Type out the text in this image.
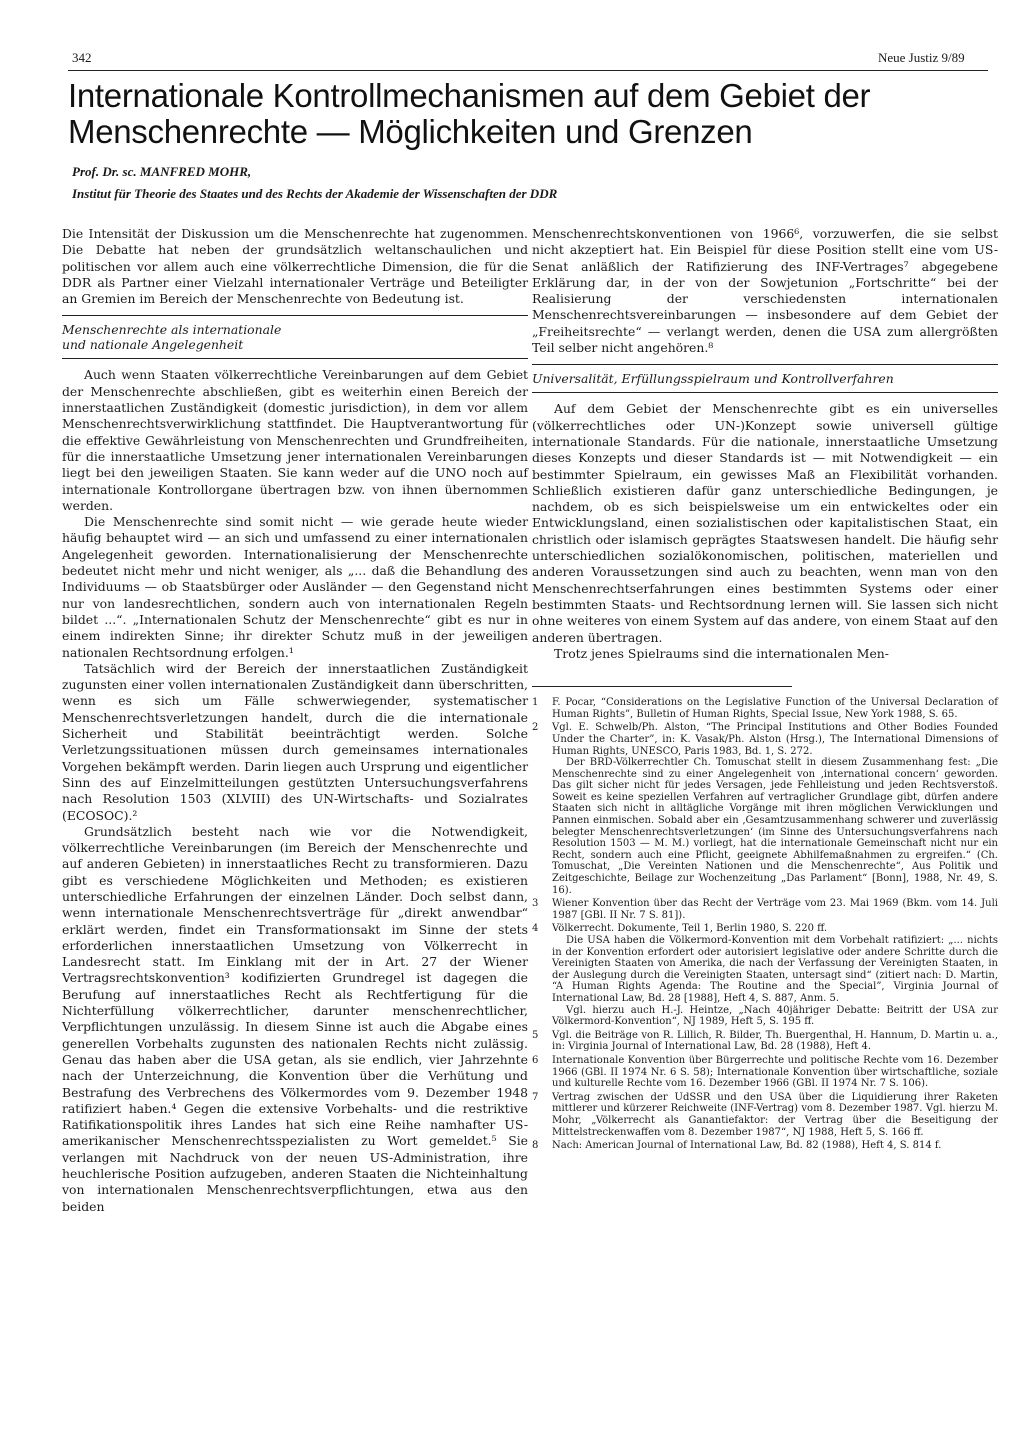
342	Neue Justiz 9/89
Internationale Kontrollmechanismen auf dem Gebiet der Menschenrechte — Möglichkeiten und Grenzen
Prof. Dr. sc. MANFRED MOHR,
Institut für Theorie des Staates und des Rechts der Akademie der Wissenschaften der DDR

Die Intensität der Diskussion um die Menschenrechte hat zugenommen. Die Debatte hat neben der grundsätzlich weltanschaulichen und politischen vor allem auch eine völkerrechtliche Dimension, die für die DDR als Partner einer Vielzahl internationaler Verträge und Beteiligter an Gremien im Bereich der Menschenrechte von Bedeutung ist.

Menschenrechte als internationale
und nationale Angelegenheit

Auch wenn Staaten völkerrechtliche Vereinbarungen auf dem Gebiet der Menschenrechte abschließen, gibt es weiterhin einen Bereich der innerstaatlichen Zuständigkeit (domestic jurisdiction), in dem vor allem Menschenrechtsverwirklichung stattfindet. Die Hauptverantwortung für die effektive Gewährleistung von Menschenrechten und Grundfreiheiten, für die innerstaatliche Umsetzung jener internationalen Vereinbarungen liegt bei den jeweiligen Staaten. Sie kann weder auf die UNO noch auf internationale Kontrollorgane übertragen bzw. von ihnen übernommen werden.

Die Menschenrechte sind somit nicht — wie gerade heute wieder häufig behauptet wird — an sich und umfassend zu einer internationalen Angelegenheit geworden. Internationalisierung der Menschenrechte bedeutet nicht mehr und nicht weniger, als „... daß die Behandlung des Individuums — ob Staatsbürger oder Ausländer — den Gegenstand nicht nur von landesrechtlichen, sondern auch von internationalen Regeln bildet ...“. „Internationalen Schutz der Menschenrechte“ gibt es nur in einem indirekten Sinne; ihr direkter Schutz muß in der jeweiligen nationalen Rechtsordnung erfolgen.¹

Tatsächlich wird der Bereich der innerstaatlichen Zuständigkeit zugunsten einer vollen internationalen Zuständigkeit dann überschritten, wenn es sich um Fälle schwerwiegender, systematischer Menschenrechtsverletzungen handelt, durch die die internationale Sicherheit und Stabilität beeinträchtigt werden. Solche Verletzungssituationen müssen durch gemeinsames internationales Vorgehen bekämpft werden. Darin liegen auch Ursprung und eigentlicher Sinn des auf Einzelmitteilungen gestützten Untersuchungsverfahrens nach Resolution 1503 (XLVIII) des UN-Wirtschafts- und Sozialrates (ECOSOC).²

Grundsätzlich besteht nach wie vor die Notwendigkeit, völkerrechtliche Vereinbarungen (im Bereich der Menschenrechte und auf anderen Gebieten) in innerstaatliches Recht zu transformieren. Dazu gibt es verschiedene Möglichkeiten und Methoden; es existieren unterschiedliche Erfahrungen der einzelnen Länder. Doch selbst dann, wenn internationale Menschenrechtsverträge für „direkt anwendbar“ erklärt werden, findet ein Transformationsakt im Sinne der stets erforderlichen innerstaatlichen Umsetzung von Völkerrecht in Landesrecht statt. Im Einklang mit der in Art. 27 der Wiener Vertragsrechtskonvention³ kodifizierten Grundregel ist dagegen die Berufung auf innerstaatliches Recht als Rechtfertigung für die Nichterfüllung völkerrechtlicher, darunter menschenrechtlicher, Verpflichtungen unzulässig. In diesem Sinne ist auch die Abgabe eines generellen Vorbehalts zugunsten des nationalen Rechts nicht zulässig. Genau das haben aber die USA getan, als sie endlich, vier Jahrzehnte nach der Unterzeichnung, die Konvention über die Verhütung und Bestrafung des Verbrechens des Völkermordes vom 9. Dezember 1948 ratifiziert haben.⁴ Gegen die extensive Vorbehalts- und die restriktive Ratifikationspolitik ihres Landes hat sich eine Reihe namhafter US-amerikanischer Menschenrechtsspezialisten zu Wort gemeldet.⁵ Sie verlangen mit Nachdruck von der neuen US-Administration, ihre heuchlerische Position aufzugeben, anderen Staaten die Nichteinhaltung von internationalen Menschenrechtsverpflichtungen, etwa aus den beiden

Menschenrechtskonventionen von 1966⁶, vorzuwerfen, die sie selbst nicht akzeptiert hat. Ein Beispiel für diese Position stellt eine vom US-Senat anläßlich der Ratifizierung des INF-Vertrages⁷ abgegebene Erklärung dar, in der von der Sowjetunion „Fortschritte“ bei der Realisierung der verschiedensten internationalen Menschenrechtsvereinbarungen — insbesondere auf dem Gebiet der „Freiheitsrechte“ — verlangt werden, denen die USA zum allergrößten Teil selber nicht angehören.⁸

Universalität, Erfüllungsspielraum und Kontrollverfahren

Auf dem Gebiet der Menschenrechte gibt es ein universelles (völkerrechtliches oder UN-)Konzept sowie universell gültige internationale Standards. Für die nationale, innerstaatliche Umsetzung dieses Konzepts und dieser Standards ist — mit Notwendigkeit — ein bestimmter Spielraum, ein gewisses Maß an Flexibilität vorhanden. Schließlich existieren dafür ganz unterschiedliche Bedingungen, je nachdem, ob es sich beispielsweise um ein entwickeltes oder ein Entwicklungsland, einen sozialistischen oder kapitalistischen Staat, ein christlich oder islamisch geprägtes Staatswesen handelt. Die häufig sehr unterschiedlichen sozialökonomischen, politischen, materiellen und anderen Voraussetzungen sind auch zu beachten, wenn man von den Menschenrechtserfahrungen eines bestimmten Systems oder einer bestimmten Staats- und Rechtsordnung lernen will. Sie lassen sich nicht ohne weiteres von einem System auf das andere, von einem Staat auf den anderen übertragen.

Trotz jenes Spielraums sind die internationalen Men-

1	F. Pocar, “Considerations on the Legislative Function of the Universal Declaration of Human Rights”, Bulletin of Human Rights, Special Issue, New York 1988, S. 65.

2	Vgl. E. Schwelb/Ph. Alston, “The Principal Institutions and Other Bodies Founded Under the Charter”, in: K. Vasak/Ph. Alston (Hrsg.), The International Dimensions of Human Rights, UNESCO, Paris 1983, Bd. 1, S. 272.

Der BRD-Völkerrechtler Ch. Tomuschat stellt in diesem Zusammenhang fest: „Die Menschenrechte sind zu einer Angelegenheit von ‚international concern‘ geworden. Das gilt sicher nicht für jedes Versagen, jede Fehlleistung und jeden Rechtsverstoß. Soweit es keine speziellen Verfahren auf vertraglicher Grundlage gibt, dürfen andere Staaten sich nicht in alltägliche Vorgänge mit ihren möglichen Verwicklungen und Pannen einmischen. Sobald aber ein ‚Gesamtzusammenhang schwerer und zuverlässig belegter Menschenrechtsverletzungen‘ (im Sinne des Untersuchungsverfahrens nach Resolution 1503 — M. M.) vorliegt, hat die internationale Gemeinschaft nicht nur ein Recht, sondern auch eine Pflicht, geeignete Abhilfemaßnahmen zu ergreifen.“ (Ch. Tomuschat, „Die Vereinten Nationen und die Menschenrechte“, Aus Politik und Zeitgeschichte, Beilage zur Wochenzeitung „Das Parlament“ [Bonn], 1988, Nr. 49, S. 16).

3	Wiener Konvention über das Recht der Verträge vom 23. Mai 1969 (Bkm. vom 14. Juli 1987 [GBl. II Nr. 7 S. 81]).

4	Völkerrecht. Dokumente, Teil 1, Berlin 1980, S. 220 ff.

Die USA haben die Völkermord-Konvention mit dem Vorbehalt ratifiziert: „... nichts in der Konvention erfordert oder autorisiert legislative oder andere Schritte durch die Vereinigten Staaten von Amerika, die nach der Verfassung der Vereinigten Staaten, in der Auslegung durch die Vereinigten Staaten, untersagt sind“ (zitiert nach: D. Martin, “A Human Rights Agenda: The Routine and the Special”, Virginia Journal of International Law, Bd. 28 [1988], Heft 4, S. 887, Anm. 5.

Vgl. hierzu auch H.-J. Heintze, „Nach 40jähriger Debatte: Beitritt der USA zur Völkermord-Konvention“, NJ 1989, Heft 5, S. 195 ff.

5	Vgl. die Beiträge von R. Lillich, R. Bilder, Th. Buergenthal, H. Hannum, D. Martin u. a., in: Virginia Journal of International Law, Bd. 28 (1988), Heft 4.

6	Internationale Konvention über Bürgerrechte und politische Rechte vom 16. Dezember 1966 (GBl. II 1974 Nr. 6 S. 58); Internationale Konvention über wirtschaftliche, soziale und kulturelle Rechte vom 16. Dezember 1966 (GBl. II 1974 Nr. 7 S. 106).

7	Vertrag zwischen der UdSSR und den USA über die Liquidierung ihrer Raketen mittlerer und kürzerer Reichweite (INF-Vertrag) vom 8. Dezember 1987. Vgl. hierzu M. Mohr, „Völkerrecht als Ganantiefaktor: der Vertrag über die Beseitigung der Mittelstreckenwaffen vom 8. Dezember 1987“, NJ 1988, Heft 5, S. 166 ff.

8	Nach: American Journal of International Law, Bd. 82 (1988), Heft 4, S. 814 f.
